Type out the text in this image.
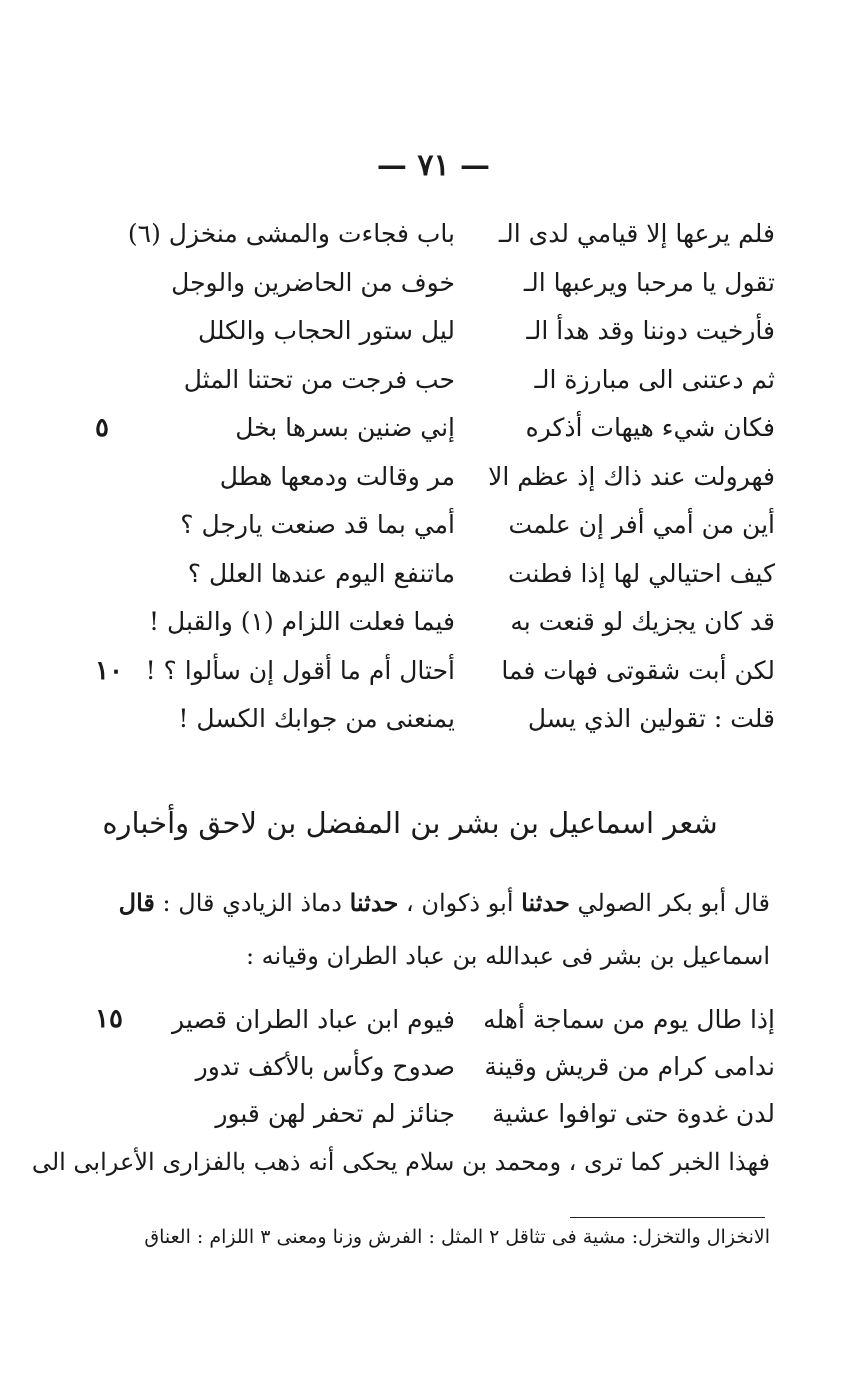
— ٧١ —
فلم يرعها إلا قيامي لدى الـ
باب فجاءت والمشى منخزل (٦)
تقول يا مرحبا ويرعبها الـ
خوف من الحاضرين والوجل
فأرخيت دوننا وقد هدأ الـ
ليل ستور الحجاب والكلل
ثم دعتنى الى مبارزة الـ
حب فرجت من تحتنا المثل
فكان شيء هيهات أذكره
إني ضنين بسرها بخل
٥
فهرولت عند ذاك إذ عظم الا
مر وقالت ودمعها هطل
أين من أمي أفر إن علمت
أمي بما قد صنعت يارجل ؟
كيف احتيالي لها إذا فطنت
ماتنفع اليوم عندها العلل ؟
قد كان يجزيك لو قنعت به
فيما فعلت اللزام (١) والقبل !
لكن أبت شقوتى فهات فما
أحتال أم ما أقول إن سألوا ؟ !
١٠
قلت : تقولين الذي يسل
يمنعنى من جوابك الكسل !
شعر اسماعيل بن بشر بن المفضل بن لاحق وأخباره
قال أبو بكر الصولي حدثنا أبو ذكوان ، حدثنا دماذ الزيادي قال : قال
اسماعيل بن بشر فى عبدالله بن عباد الطران وقيانه :
إذا طال يوم من سماجة أهله
فيوم ابن عباد الطران قصير
١٥
ندامى كرام من قريش وقينة
صدوح وكأس بالأكف تدور
لدن غدوة حتى توافوا عشية
جنائز لم تحفر لهن قبور
فهذا الخبر كما ترى ، ومحمد بن سلام يحكى أنه ذهب بالفزارى الأعرابى الى
الانخزال والتخزل: مشية فى تثاقل ٢ المثل : الفرش وزنا ومعنى ٣ اللزام : العناق
